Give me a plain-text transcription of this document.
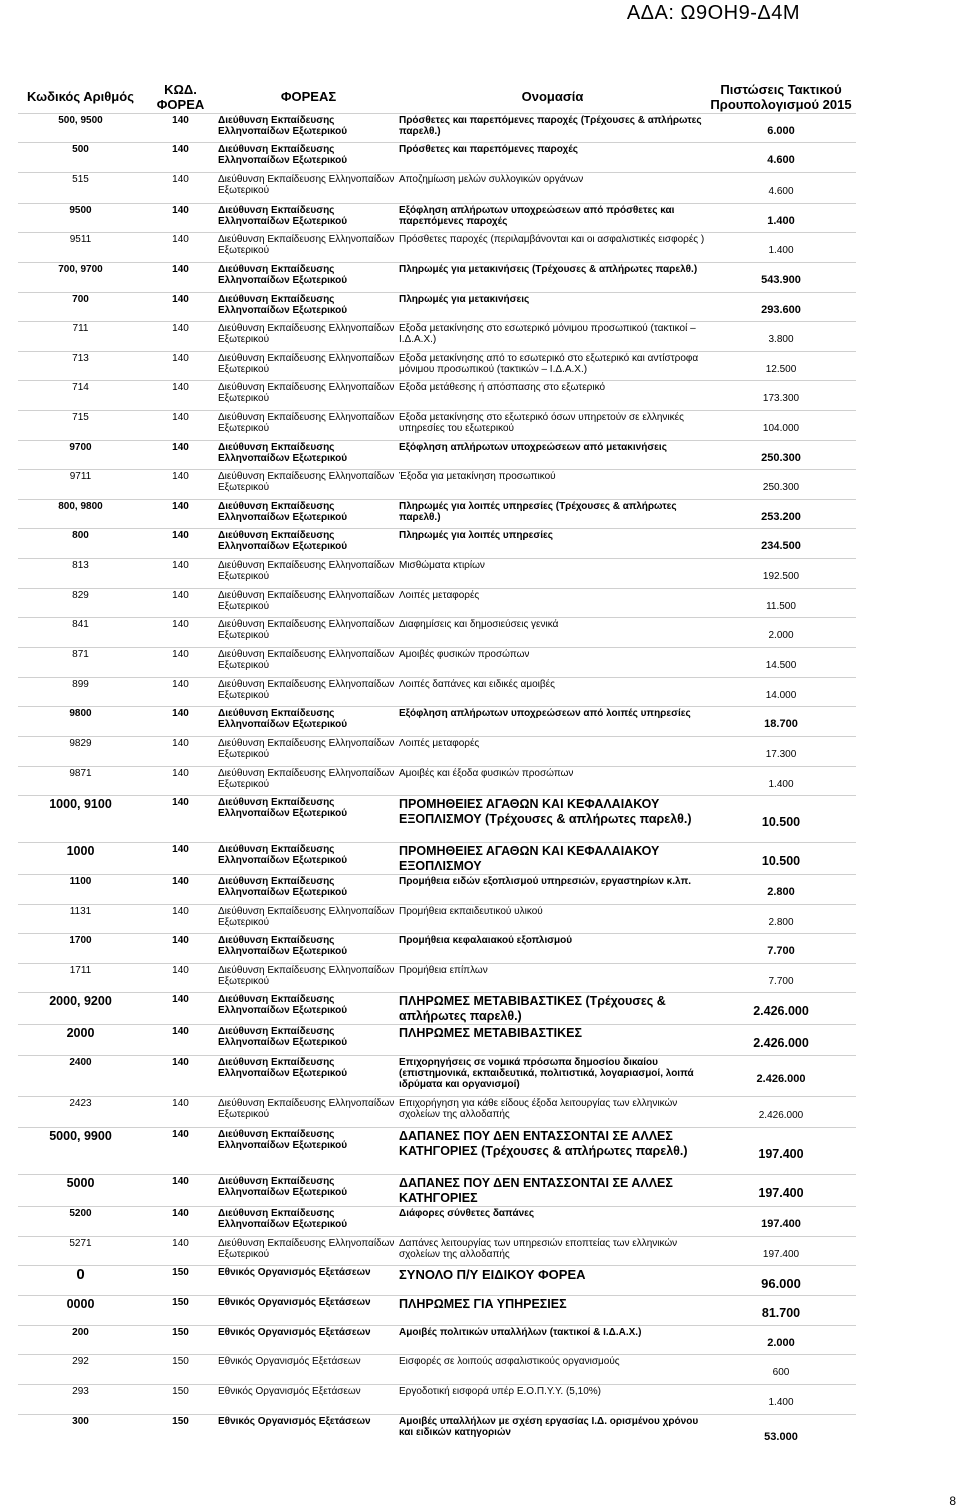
ΑΔΑ: Ω9ΟΗ9-Δ4Μ
Κωδικός Αριθμός	ΚΩΔ. ΦΟΡΕΑ	ΦΟΡΕΑΣ	Ονομασία	Πιστώσεις Τακτικού Προυπολογισμού 2015
500, 9500	140	Διεύθυνση Εκπαίδευσης Ελληνοπαίδων Εξωτερικού	Πρόσθετες και παρεπόμενες παροχές (Τρέχουσες & απλήρωτες παρελθ.)	6.000
500	140	Διεύθυνση Εκπαίδευσης Ελληνοπαίδων Εξωτερικού	Πρόσθετες και παρεπόμενες παροχές	4.600
515	140	Διεύθυνση Εκπαίδευσης Ελληνοπαίδων Εξωτερικού	Αποζημίωση μελών συλλογικών οργάνων	4.600
9500	140	Διεύθυνση Εκπαίδευσης Ελληνοπαίδων Εξωτερικού	Εξόφληση απλήρωτων υποχρεώσεων από πρόσθετες και παρεπόμενες παροχές	1.400
9511	140	Διεύθυνση Εκπαίδευσης Ελληνοπαίδων Εξωτερικού	Πρόσθετες παροχές (περιλαμβάνονται και οι ασφαλιστικές εισφορές )	1.400
700, 9700	140	Διεύθυνση Εκπαίδευσης Ελληνοπαίδων Εξωτερικού	Πληρωμές για μετακινήσεις (Τρέχουσες & απλήρωτες παρελθ.)	543.900
700	140	Διεύθυνση Εκπαίδευσης Ελληνοπαίδων Εξωτερικού	Πληρωμές για μετακινήσεις	293.600
711	140	Διεύθυνση Εκπαίδευσης Ελληνοπαίδων Εξωτερικού	Εξοδα μετακίνησης στο εσωτερικό μόνιμου προσωπικού (τακτικοί – Ι.Δ.Α.Χ.)	3.800
713	140	Διεύθυνση Εκπαίδευσης Ελληνοπαίδων Εξωτερικού	Εξοδα μετακίνησης από το εσωτερικό στο εξωτερικό και αντίστροφα μόνιμου προσωπικού (τακτικών – Ι.Δ.Α.Χ.)	12.500
714	140	Διεύθυνση Εκπαίδευσης Ελληνοπαίδων Εξωτερικού	Εξοδα μετάθεσης ή απόσπασης στο εξωτερικό	173.300
715	140	Διεύθυνση Εκπαίδευσης Ελληνοπαίδων Εξωτερικού	Εξοδα μετακίνησης στο εξωτερικό όσων υπηρετούν σε ελληνικές υπηρεσίες του εξωτερικού	104.000
9700	140	Διεύθυνση Εκπαίδευσης Ελληνοπαίδων Εξωτερικού	Εξόφληση απλήρωτων υποχρεώσεων από μετακινήσεις	250.300
9711	140	Διεύθυνση Εκπαίδευσης Ελληνοπαίδων Εξωτερικού	Έξοδα για μετακίνηση προσωπικού	250.300
800, 9800	140	Διεύθυνση Εκπαίδευσης Ελληνοπαίδων Εξωτερικού	Πληρωμές για λοιπές υπηρεσίες (Τρέχουσες & απλήρωτες παρελθ.)	253.200
800	140	Διεύθυνση Εκπαίδευσης Ελληνοπαίδων Εξωτερικού	Πληρωμές για λοιπές υπηρεσίες	234.500
813	140	Διεύθυνση Εκπαίδευσης Ελληνοπαίδων Εξωτερικού	Μισθώματα κτιρίων	192.500
829	140	Διεύθυνση Εκπαίδευσης Ελληνοπαίδων Εξωτερικού	Λοιπές μεταφορές	11.500
841	140	Διεύθυνση Εκπαίδευσης Ελληνοπαίδων Εξωτερικού	Διαφημίσεις και δημοσιεύσεις γενικά	2.000
871	140	Διεύθυνση Εκπαίδευσης Ελληνοπαίδων Εξωτερικού	Αμοιβές φυσικών προσώπων	14.500
899	140	Διεύθυνση Εκπαίδευσης Ελληνοπαίδων Εξωτερικού	Λοιπές δαπάνες και ειδικές αμοιβές	14.000
9800	140	Διεύθυνση Εκπαίδευσης Ελληνοπαίδων Εξωτερικού	Εξόφληση απλήρωτων υποχρεώσεων από λοιπές υπηρεσίες	18.700
9829	140	Διεύθυνση Εκπαίδευσης Ελληνοπαίδων Εξωτερικού	Λοιπές μεταφορές	17.300
9871	140	Διεύθυνση Εκπαίδευσης Ελληνοπαίδων Εξωτερικού	Αμοιβές και έξοδα φυσικών προσώπων	1.400
1000, 9100	140	Διεύθυνση Εκπαίδευσης Ελληνοπαίδων Εξωτερικού	ΠΡΟΜΗΘΕΙΕΣ ΑΓΑΘΩΝ ΚΑΙ ΚΕΦΑΛΑΙΑΚΟΥ ΕΞΟΠΛΙΣΜΟΥ (Τρέχουσες & απλήρωτες παρελθ.)	10.500
1000	140	Διεύθυνση Εκπαίδευσης Ελληνοπαίδων Εξωτερικού	ΠΡΟΜΗΘΕΙΕΣ ΑΓΑΘΩΝ ΚΑΙ ΚΕΦΑΛΑΙΑΚΟΥ ΕΞΟΠΛΙΣΜΟΥ	10.500
1100	140	Διεύθυνση Εκπαίδευσης Ελληνοπαίδων Εξωτερικού	Προμήθεια ειδών εξοπλισμού υπηρεσιών, εργαστηρίων κ.λπ.	2.800
1131	140	Διεύθυνση Εκπαίδευσης Ελληνοπαίδων Εξωτερικού	Προμήθεια εκπαιδευτικού υλικού	2.800
1700	140	Διεύθυνση Εκπαίδευσης Ελληνοπαίδων Εξωτερικού	Προμήθεια κεφαλαιακού εξοπλισμού	7.700
1711	140	Διεύθυνση Εκπαίδευσης Ελληνοπαίδων Εξωτερικού	Προμήθεια επίπλων	7.700
2000, 9200	140	Διεύθυνση Εκπαίδευσης Ελληνοπαίδων Εξωτερικού	ΠΛΗΡΩΜΕΣ ΜΕΤΑΒΙΒΑΣΤΙΚΕΣ (Τρέχουσες & απλήρωτες παρελθ.)	2.426.000
2000	140	Διεύθυνση Εκπαίδευσης Ελληνοπαίδων Εξωτερικού	ΠΛΗΡΩΜΕΣ ΜΕΤΑΒΙΒΑΣΤΙΚΕΣ	2.426.000
2400	140	Διεύθυνση Εκπαίδευσης Ελληνοπαίδων Εξωτερικού	Επιχορηγήσεις σε νομικά πρόσωπα δημοσίου δικαίου (επιστημονικά, εκπαιδευτικά, πολιτιστικά, λογαριασμοί, λοιπά ιδρύματα και οργανισμοί)	2.426.000
2423	140	Διεύθυνση Εκπαίδευσης Ελληνοπαίδων Εξωτερικού	Επιχορήγηση για κάθε είδους έξοδα λειτουργίας των ελληνικών σχολείων της αλλοδαπής	2.426.000
5000, 9900	140	Διεύθυνση Εκπαίδευσης Ελληνοπαίδων Εξωτερικού	ΔΑΠΑΝΕΣ ΠΟΥ ΔΕΝ ΕΝΤΑΣΣΟΝΤΑΙ ΣΕ ΑΛΛΕΣ ΚΑΤΗΓΟΡΙΕΣ (Τρέχουσες & απλήρωτες παρελθ.)	197.400
5000	140	Διεύθυνση Εκπαίδευσης Ελληνοπαίδων Εξωτερικού	ΔΑΠΑΝΕΣ ΠΟΥ ΔΕΝ ΕΝΤΑΣΣΟΝΤΑΙ ΣΕ ΑΛΛΕΣ ΚΑΤΗΓΟΡΙΕΣ	197.400
5200	140	Διεύθυνση Εκπαίδευσης Ελληνοπαίδων Εξωτερικού	Διάφορες σύνθετες δαπάνες	197.400
5271	140	Διεύθυνση Εκπαίδευσης Ελληνοπαίδων Εξωτερικού	Δαπάνες λειτουργίας των υπηρεσιών εποπτείας των ελληνικών σχολείων της αλλοδαπής	197.400
0	150	Εθνικός Οργανισμός Εξετάσεων	ΣΥΝΟΛΟ Π/Υ ΕΙΔΙΚΟΥ ΦΟΡΕΑ	96.000
0000	150	Εθνικός Οργανισμός Εξετάσεων	ΠΛΗΡΩΜΕΣ ΓΙΑ ΥΠΗΡΕΣΙΕΣ	81.700
200	150	Εθνικός Οργανισμός Εξετάσεων	Αμοιβές πολιτικών υπαλλήλων (τακτικοί & Ι.Δ.Α.Χ.)	2.000
292	150	Εθνικός Οργανισμός Εξετάσεων	Εισφορές σε λοιπούς ασφαλιστικούς οργανισμούς	600
293	150	Εθνικός Οργανισμός Εξετάσεων	Εργοδοτική εισφορά υπέρ Ε.Ο.Π.Υ.Υ. (5,10%)	1.400
300	150	Εθνικός Οργανισμός Εξετάσεων	Αμοιβές υπαλλήλων με σχέση εργασίας Ι.Δ. ορισμένου χρόνου και ειδικών κατηγοριών	53.000
8
